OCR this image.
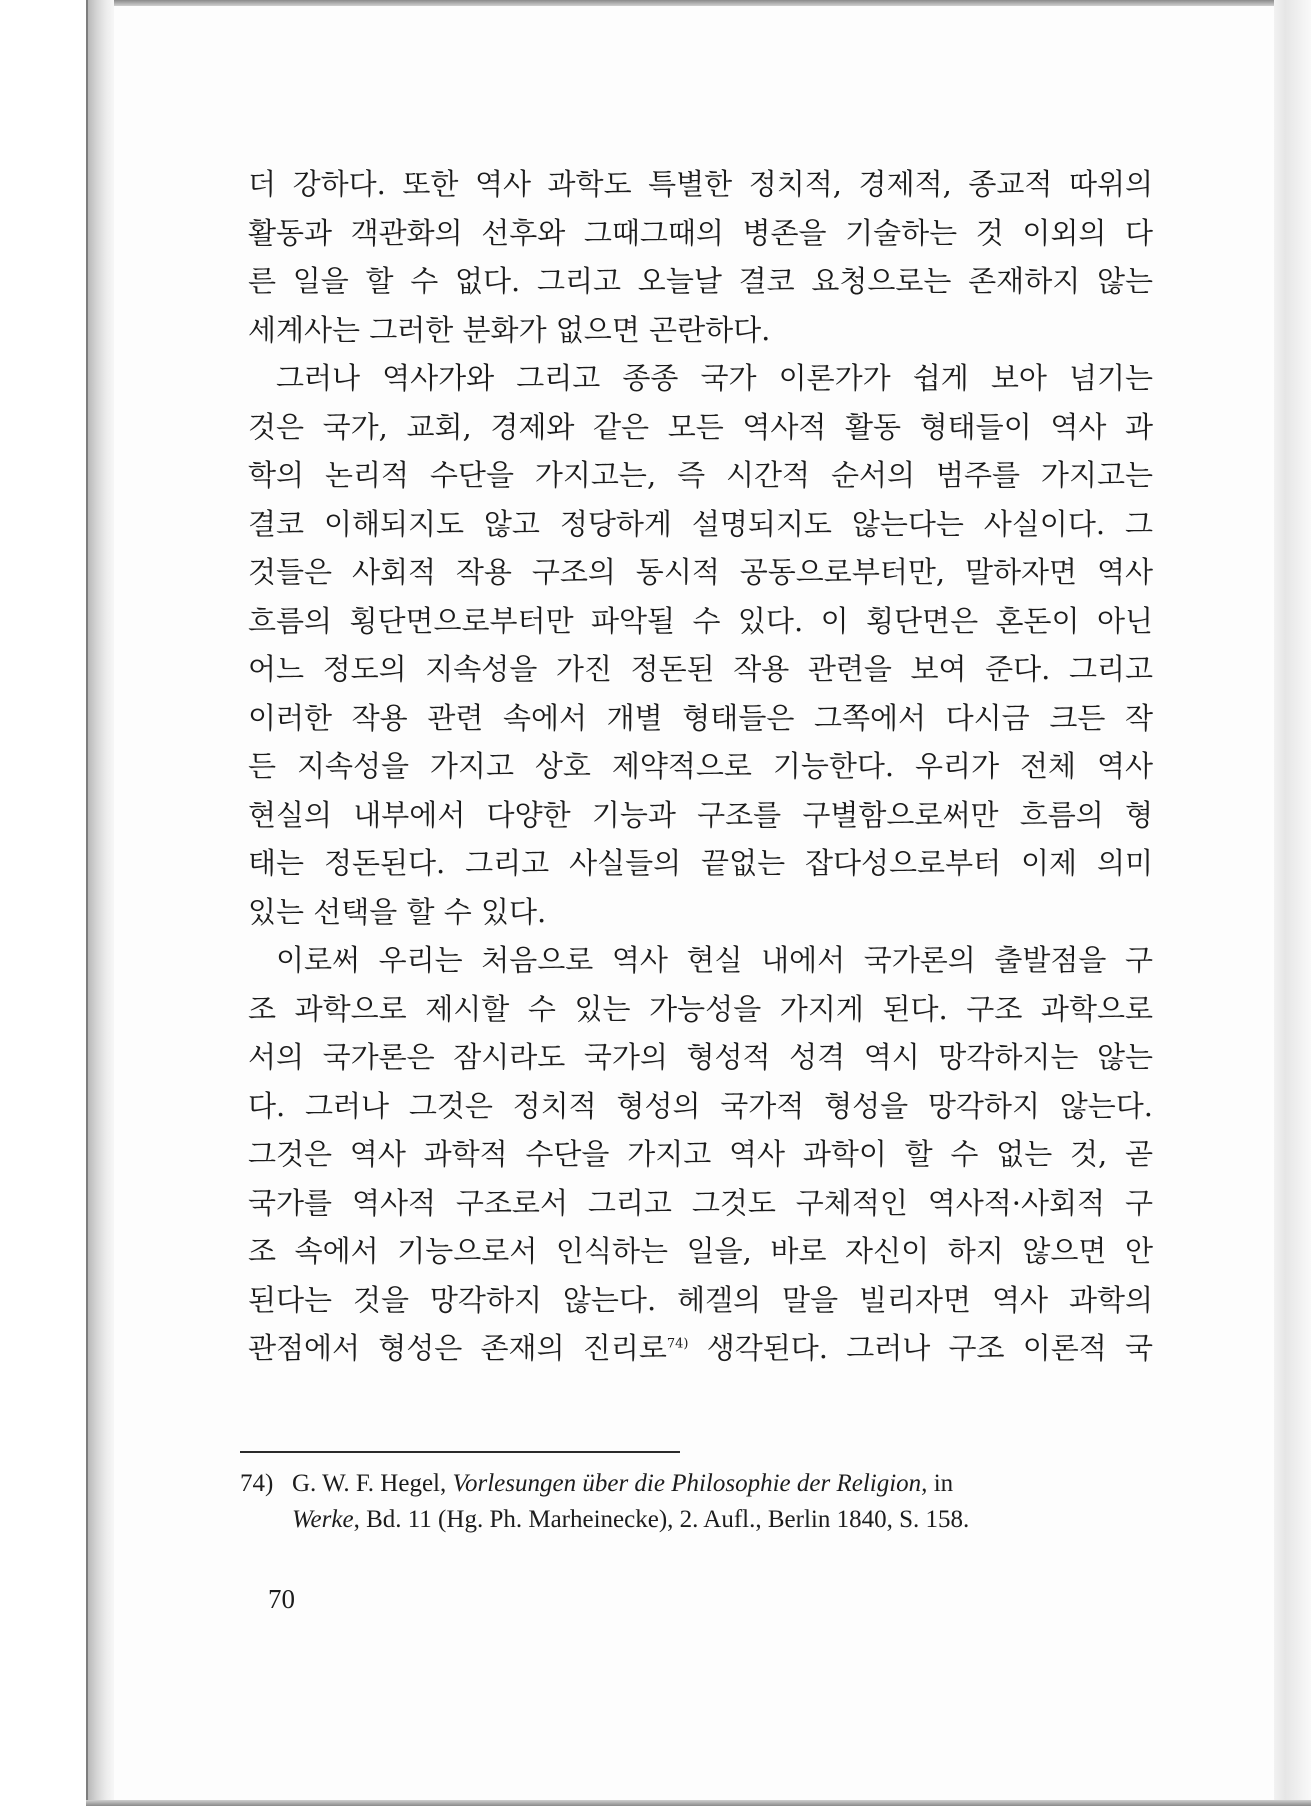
더 강하다. 또한 역사 과학도 특별한 정치적, 경제적, 종교적 따위의
활동과 객관화의 선후와 그때그때의 병존을 기술하는 것 이외의 다
른 일을 할 수 없다. 그리고 오늘날 결코 요청으로는 존재하지 않는
세계사는 그러한 분화가 없으면 곤란하다.
그러나 역사가와 그리고 종종 국가 이론가가 쉽게 보아 넘기는
것은 국가, 교회, 경제와 같은 모든 역사적 활동 형태들이 역사 과
학의 논리적 수단을 가지고는, 즉 시간적 순서의 범주를 가지고는
결코 이해되지도 않고 정당하게 설명되지도 않는다는 사실이다. 그
것들은 사회적 작용 구조의 동시적 공동으로부터만, 말하자면 역사
흐름의 횡단면으로부터만 파악될 수 있다. 이 횡단면은 혼돈이 아닌
어느 정도의 지속성을 가진 정돈된 작용 관련을 보여 준다. 그리고
이러한 작용 관련 속에서 개별 형태들은 그쪽에서 다시금 크든 작
든 지속성을 가지고 상호 제약적으로 기능한다. 우리가 전체 역사
현실의 내부에서 다양한 기능과 구조를 구별함으로써만 흐름의 형
태는 정돈된다. 그리고 사실들의 끝없는 잡다성으로부터 이제 의미
있는 선택을 할 수 있다.
이로써 우리는 처음으로 역사 현실 내에서 국가론의 출발점을 구
조 과학으로 제시할 수 있는 가능성을 가지게 된다. 구조 과학으로
서의 국가론은 잠시라도 국가의 형성적 성격 역시 망각하지는 않는
다. 그러나 그것은 정치적 형성의 국가적 형성을 망각하지 않는다.
그것은 역사 과학적 수단을 가지고 역사 과학이 할 수 없는 것, 곧
국가를 역사적 구조로서 그리고 그것도 구체적인 역사적·사회적 구
조 속에서 기능으로서 인식하는 일을, 바로 자신이 하지 않으면 안
된다는 것을 망각하지 않는다. 헤겔의 말을 빌리자면 역사 과학의
관점에서 형성은 존재의 진리로$^{74)}$ 생각된다. 그러나 구조 이론적 국
74) G. W. F. Hegel, Vorlesungen über die Philosophie der Religion, in
Werke, Bd. 11 (Hg. Ph. Marheinecke), 2. Aufl., Berlin 1840, S. 158.
70
